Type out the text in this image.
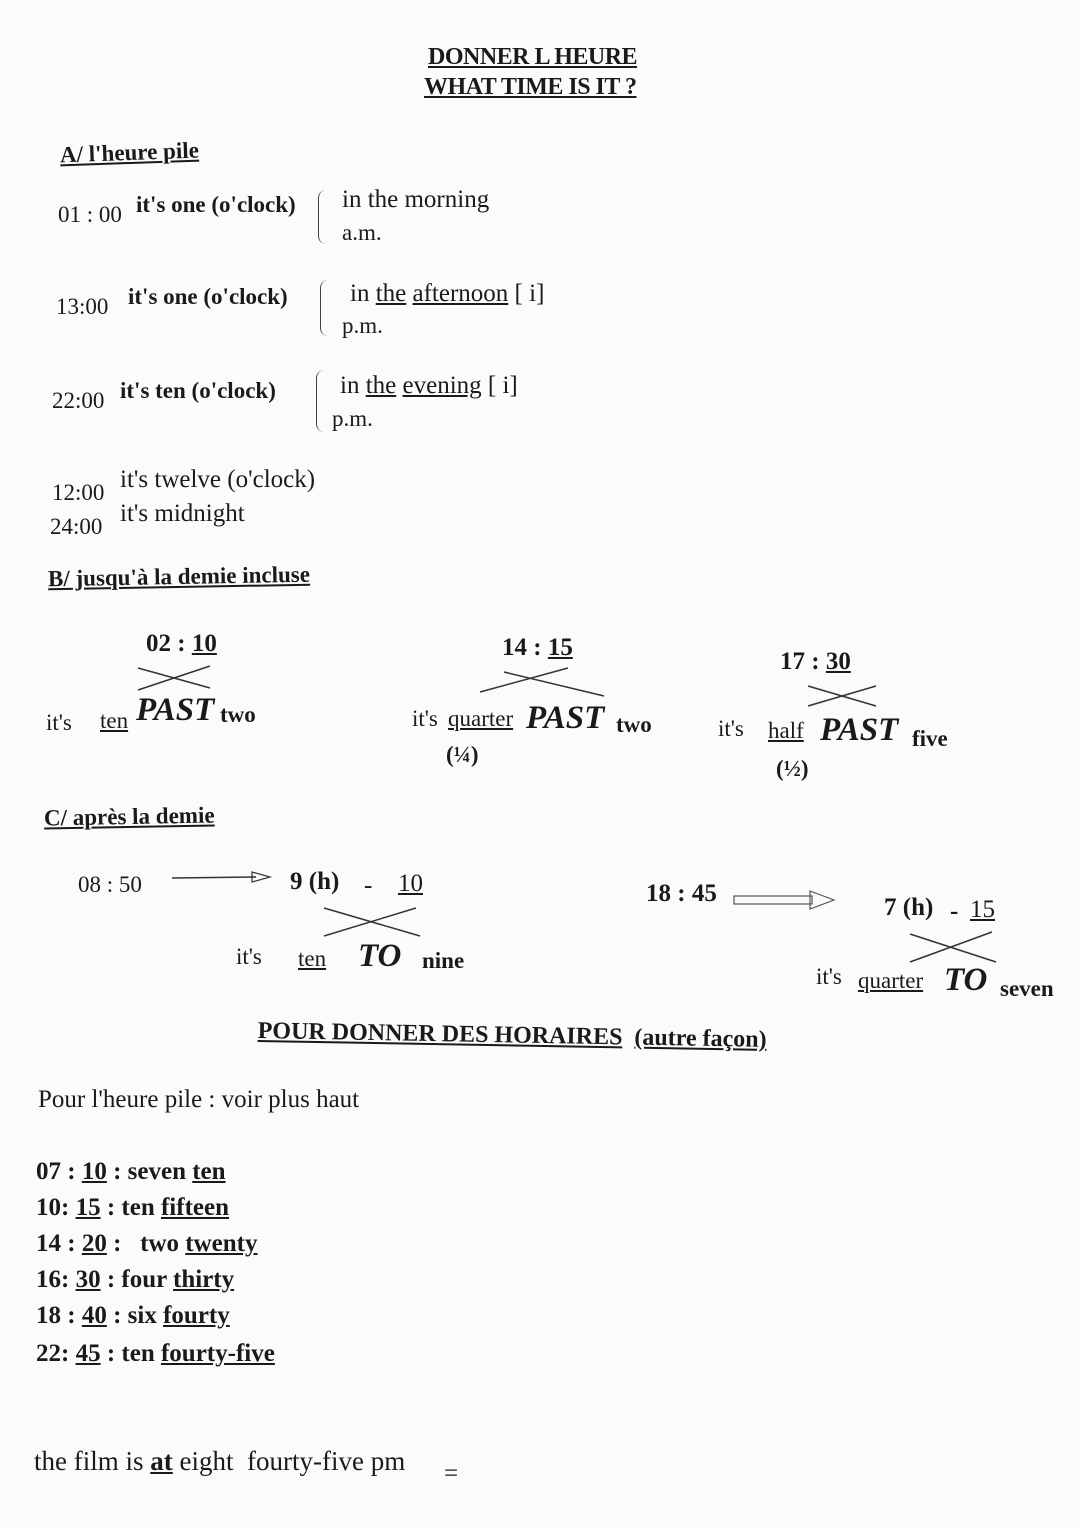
DONNER L HEURE
WHAT TIME IS IT ?
A/ l'heure pile
01 : 00 it's one (o'clock) in the morning
a.m.
13:00 it's one (o'clock) in the afternoon [ i]
p.m.
22:00 it's ten (o'clock)	in the evening [ i]
p.m.
12:00 it's twelve (o'clock)
24:00 it's midnight
B/ jusqu'à la demie incluse
02 : 10
it's ten PAST two
14 : 15
it's quarter PAST two
(¼)
17 : 30
it's half PAST five
(½)
C/ après la demie
08 : 50	9 (h) - 10
it's ten TO nine
18 : 45
7 (h) - 15
it's quarter TO seven
POUR DONNER DES HORAIRES (autre façon)
Pour l'heure pile : voir plus haut
07 : 10 : seven ten
10: 15 : ten fifteen
14 : 20 :   two twenty
16: 30 : four thirty
18 : 40 : six fourty
22: 45 : ten fourty-five
the film is at eight  fourty-five pm =
